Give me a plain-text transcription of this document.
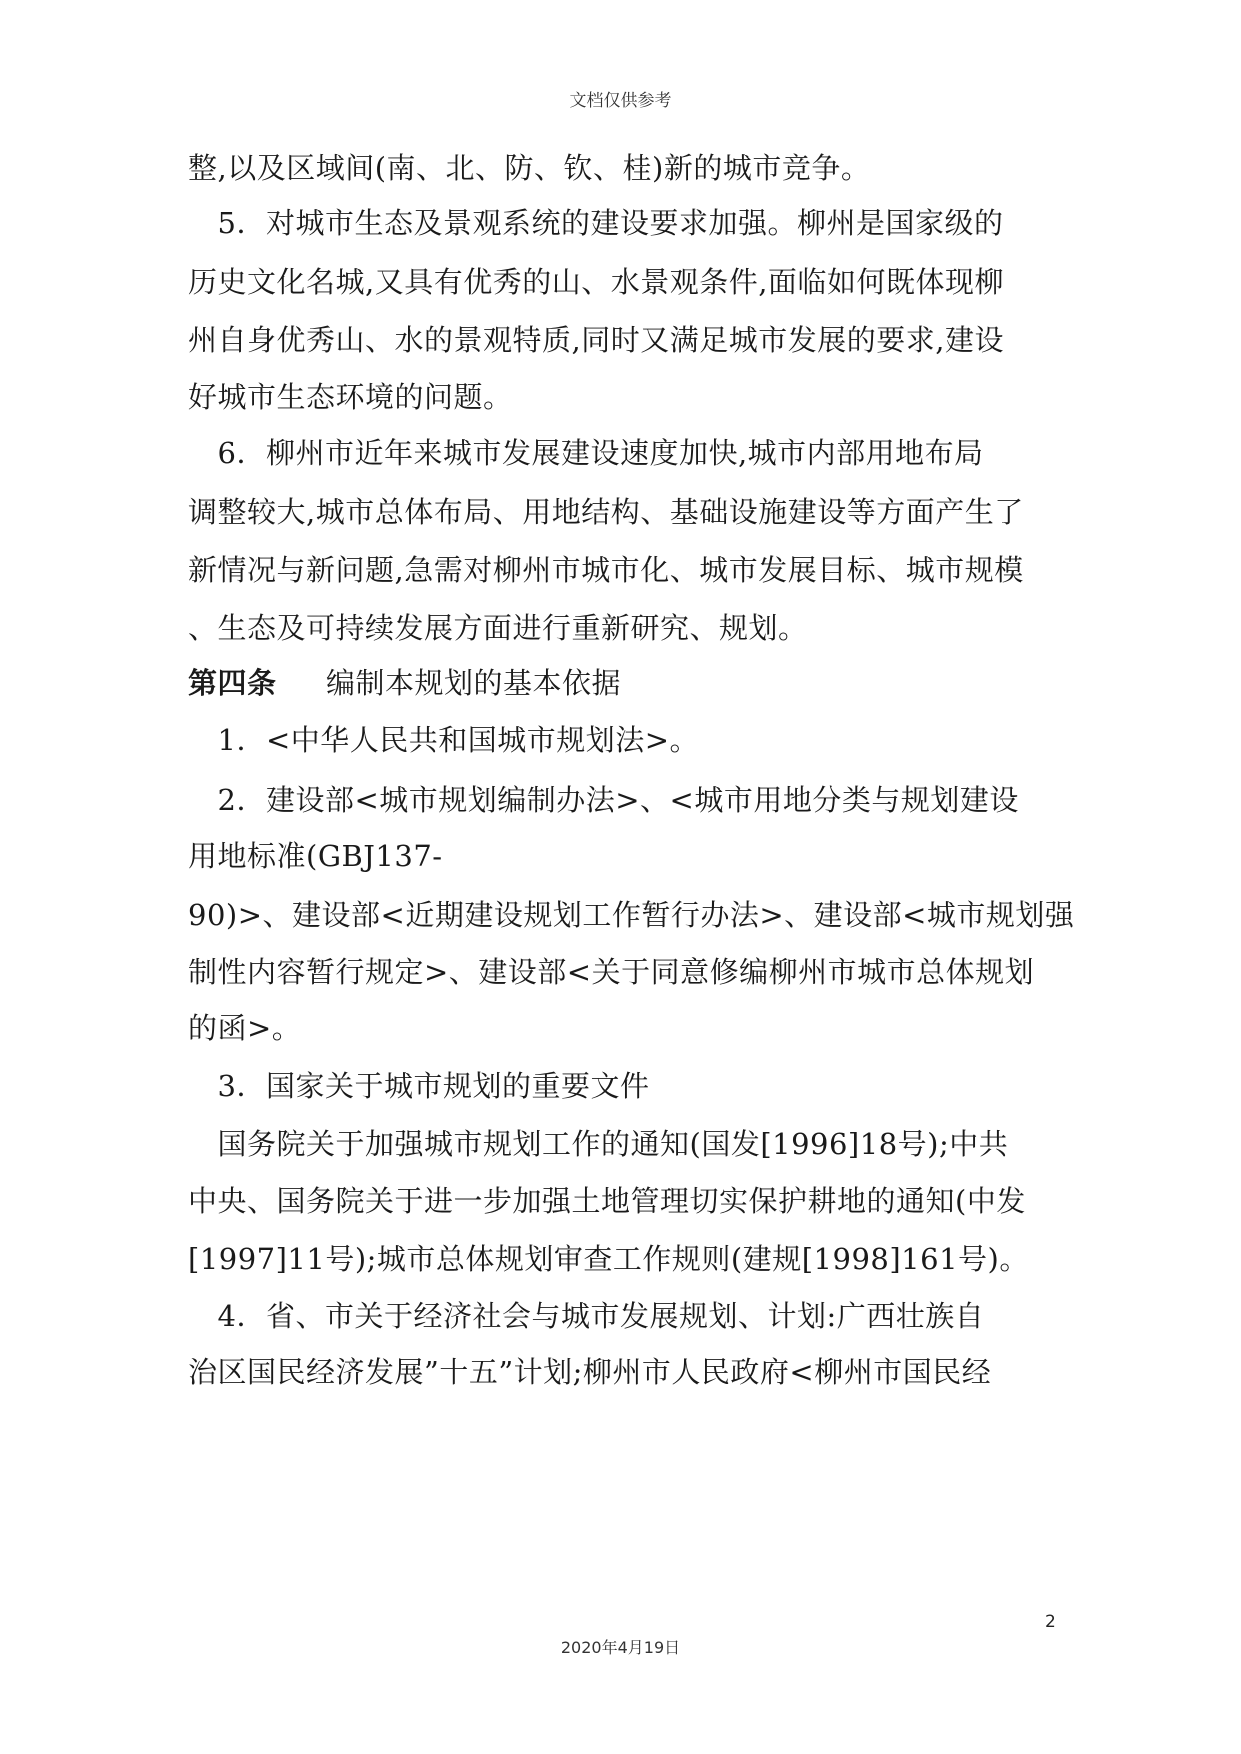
文档仅供参考
整,以及区域间(南、北、防、钦、桂)新的城市竞争。
　5．对城市生态及景观系统的建设要求加强。柳州是国家级的
历史文化名城,又具有优秀的山、水景观条件,面临如何既体现柳
州自身优秀山、水的景观特质,同时又满足城市发展的要求,建设
好城市生态环境的问题。
　6．柳州市近年来城市发展建设速度加快,城市内部用地布局
调整较大,城市总体布局、用地结构、基础设施建设等方面产生了
新情况与新问题,急需对柳州市城市化、城市发展目标、城市规模
、生态及可持续发展方面进行重新研究、规划。
第四条 编制本规划的基本依据
　1．<中华人民共和国城市规划法>。
　2．建设部<城市规划编制办法>、<城市用地分类与规划建设
用地标准(GBJ137-
90)>、建设部<近期建设规划工作暂行办法>、建设部<城市规划强
制性内容暂行规定>、建设部<关于同意修编柳州市城市总体规划
的函>。
　3．国家关于城市规划的重要文件
　国务院关于加强城市规划工作的通知(国发[1996]18号);中共
中央、国务院关于进一步加强土地管理切实保护耕地的通知(中发
[1997]11号);城市总体规划审查工作规则(建规[1998]161号)。
　4．省、市关于经济社会与城市发展规划、计划:广西壮族自
治区国民经济发展”十五”计划;柳州市人民政府<柳州市国民经
2
2020年4月19日
